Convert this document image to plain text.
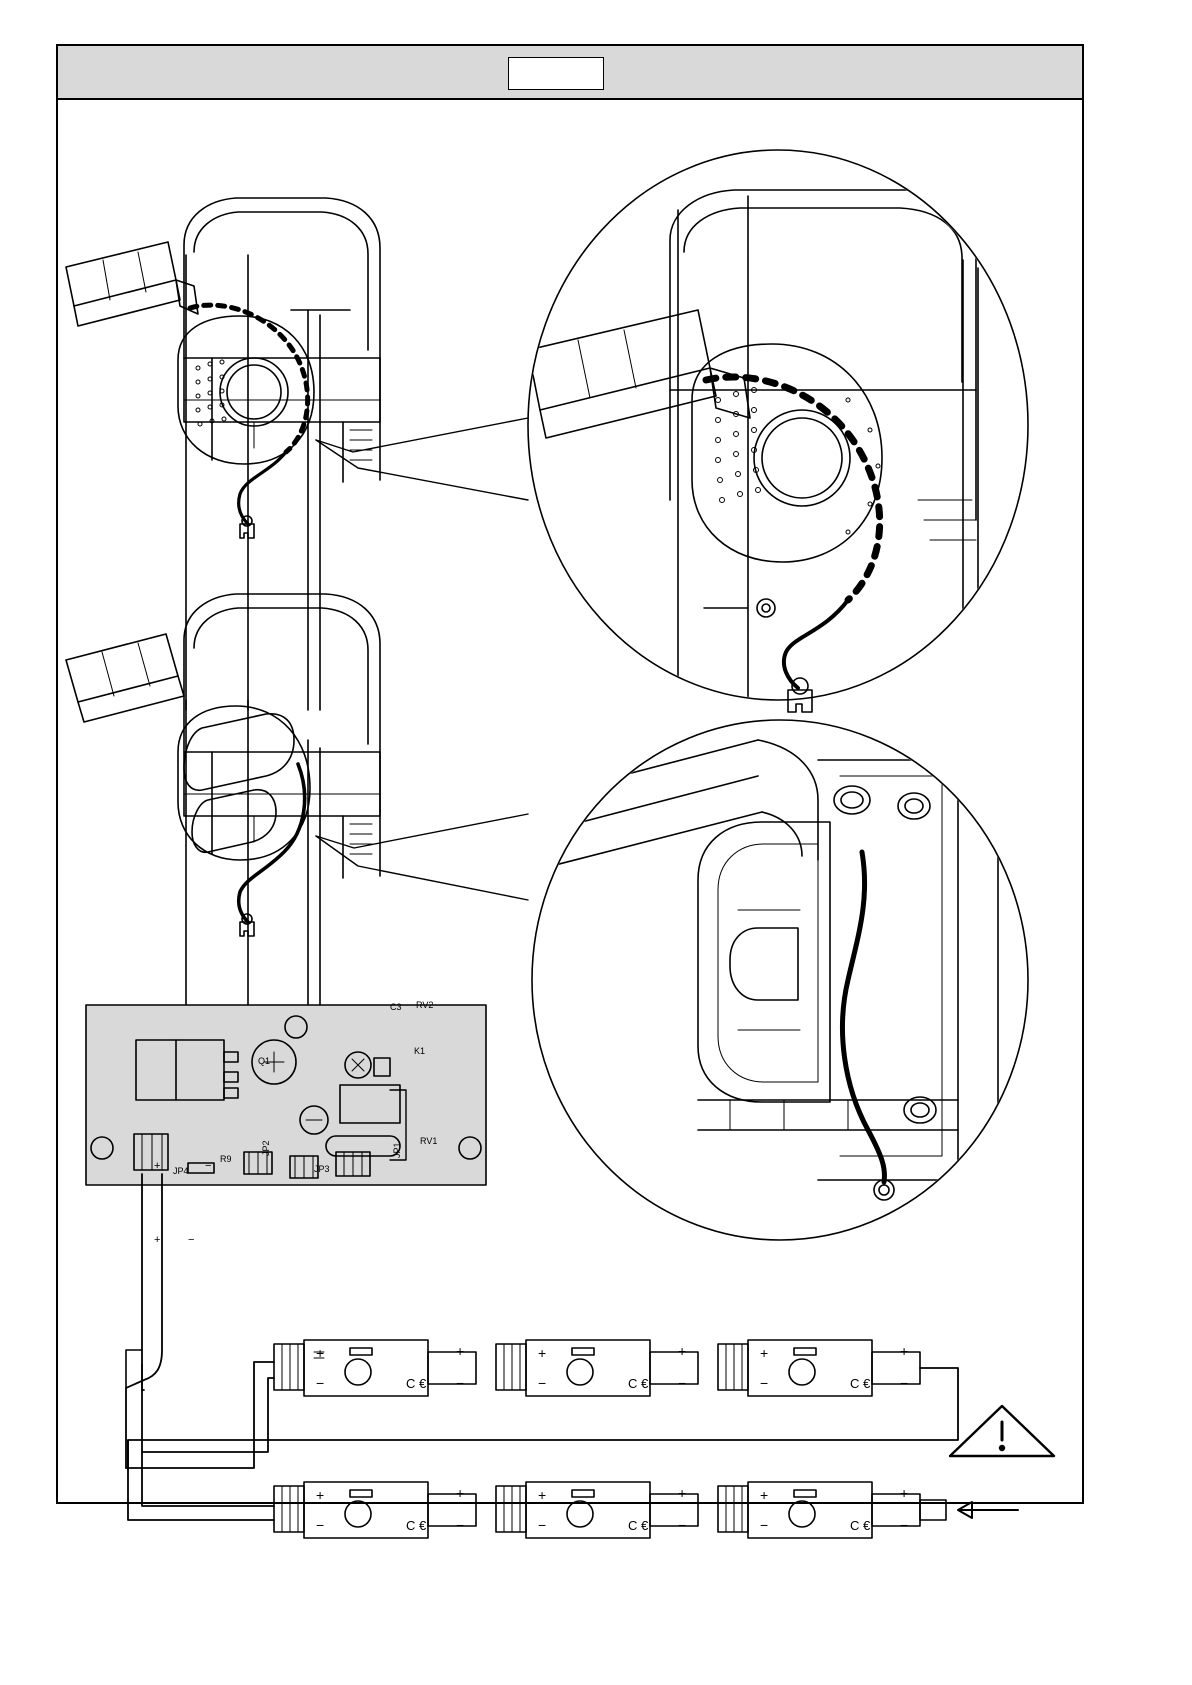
+
−	C €
+
−
+
−	C €
+
−
+
−	C €
+
−
+
−	C €
+
−
+
−	C €
+
−
+
−	C €
+
−
Q1
C3 RV2
K1
RV1
R9
JP4
JP2
JP3
JP1
+	−
+ −
